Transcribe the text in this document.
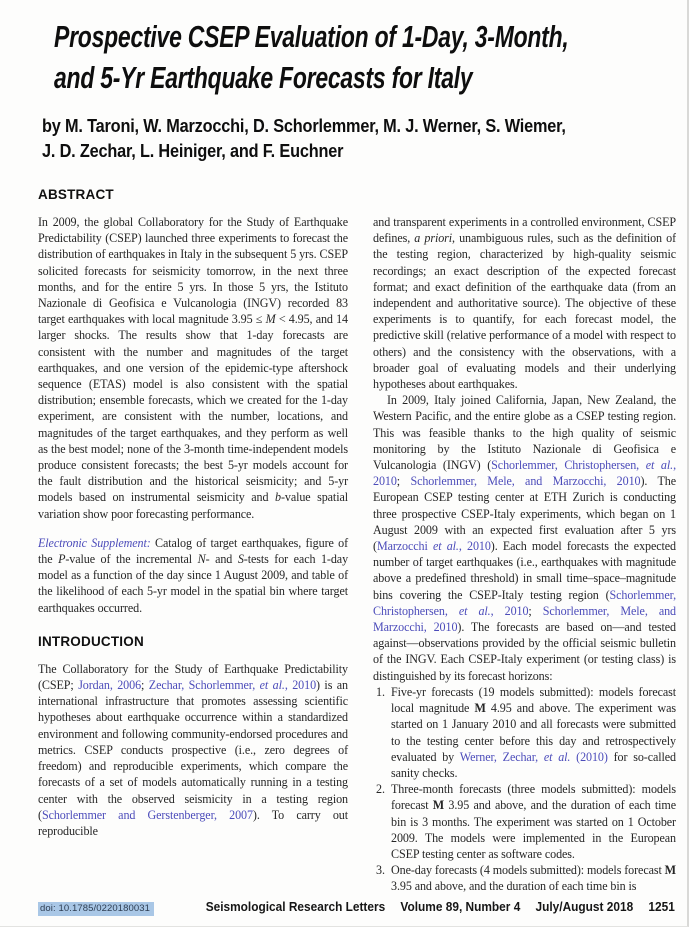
Prospective CSEP Evaluation of 1-Day, 3-Month,
and 5-Yr Earthquake Forecasts for Italy
by M. Taroni, W. Marzocchi, D. Schorlemmer, M. J. Werner, S. Wiemer,
J. D. Zechar, L. Heiniger, and F. Euchner
ABSTRACT

In 2009, the global Collaboratory for the Study of Earthquake Predictability (CSEP) launched three experiments to forecast the distribution of earthquakes in Italy in the subsequent 5 yrs. CSEP solicited forecasts for seismicity tomorrow, in the next three months, and for the entire 5 yrs. In those 5 yrs, the Istituto Nazionale di Geofisica e Vulcanologia (INGV) recorded 83 target earthquakes with local magnitude 3.95 ≤ M < 4.95, and 14 larger shocks. The results show that 1-day forecasts are consistent with the number and magnitudes of the target earthquakes, and one version of the epidemic-type aftershock sequence (ETAS) model is also consistent with the spatial distribution; ensemble forecasts, which we created for the 1-day experiment, are consistent with the number, locations, and magnitudes of the target earthquakes, and they perform as well as the best model; none of the 3-month time-independent models produce consistent forecasts; the best 5-yr models account for the fault distribution and the historical seismicity; and 5-yr models based on instrumental seismicity and b-value spatial variation show poor forecasting performance.

Electronic Supplement: Catalog of target earthquakes, figure of the P-value of the incremental N- and S-tests for each 1-day model as a function of the day since 1 August 2009, and table of the likelihood of each 5-yr model in the spatial bin where target earthquakes occurred.

INTRODUCTION

The Collaboratory for the Study of Earthquake Predictability (CSEP; Jordan, 2006; Zechar, Schorlemmer, et al., 2010) is an international infrastructure that promotes assessing scientific hypotheses about earthquake occurrence within a standardized environment and following community-endorsed procedures and metrics. CSEP conducts prospective (i.e., zero degrees of freedom) and reproducible experiments, which compare the forecasts of a set of models automatically running in a testing center with the observed seismicity in a testing region (Schorlemmer and Gerstenberger, 2007). To carry out reproducible

and transparent experiments in a controlled environment, CSEP defines, a priori, unambiguous rules, such as the definition of the testing region, characterized by high-quality seismic recordings; an exact description of the expected forecast format; and exact definition of the earthquake data (from an independent and authoritative source). The objective of these experiments is to quantify, for each forecast model, the predictive skill (relative performance of a model with respect to others) and the consistency with the observations, with a broader goal of evaluating models and their underlying hypotheses about earthquakes.

In 2009, Italy joined California, Japan, New Zealand, the Western Pacific, and the entire globe as a CSEP testing region. This was feasible thanks to the high quality of seismic monitoring by the Istituto Nazionale di Geofisica e Vulcanologia (INGV) (Schorlemmer, Christophersen, et al., 2010; Schorlemmer, Mele, and Marzocchi, 2010). The European CSEP testing center at ETH Zurich is conducting three prospective CSEP-Italy experiments, which began on 1 August 2009 with an expected first evaluation after 5 yrs (Marzocchi et al., 2010). Each model forecasts the expected number of target earthquakes (i.e., earthquakes with magnitude above a predefined threshold) in small time–space–magnitude bins covering the CSEP-Italy testing region (Schorlemmer, Christophersen, et al., 2010; Schorlemmer, Mele, and Marzocchi, 2010). The forecasts are based on—and tested against—observations provided by the official seismic bulletin of the INGV. Each CSEP-Italy experiment (or testing class) is distinguished by its forecast horizons:

1. Five-yr forecasts (19 models submitted): models forecast local magnitude M 4.95 and above. The experiment was started on 1 January 2010 and all forecasts were submitted to the testing center before this day and retrospectively evaluated by Werner, Zechar, et al. (2010) for so-called sanity checks.
2. Three-month forecasts (three models submitted): models forecast M 3.95 and above, and the duration of each time bin is 3 months. The experiment was started on 1 October 2009. The models were implemented in the European CSEP testing center as software codes.
3. One-day forecasts (4 models submitted): models forecast M 3.95 and above, and the duration of each time bin is
doi: 10.1785/0220180031	Seismological Research Letters Volume 89, Number 4 July/August 2018 1251
